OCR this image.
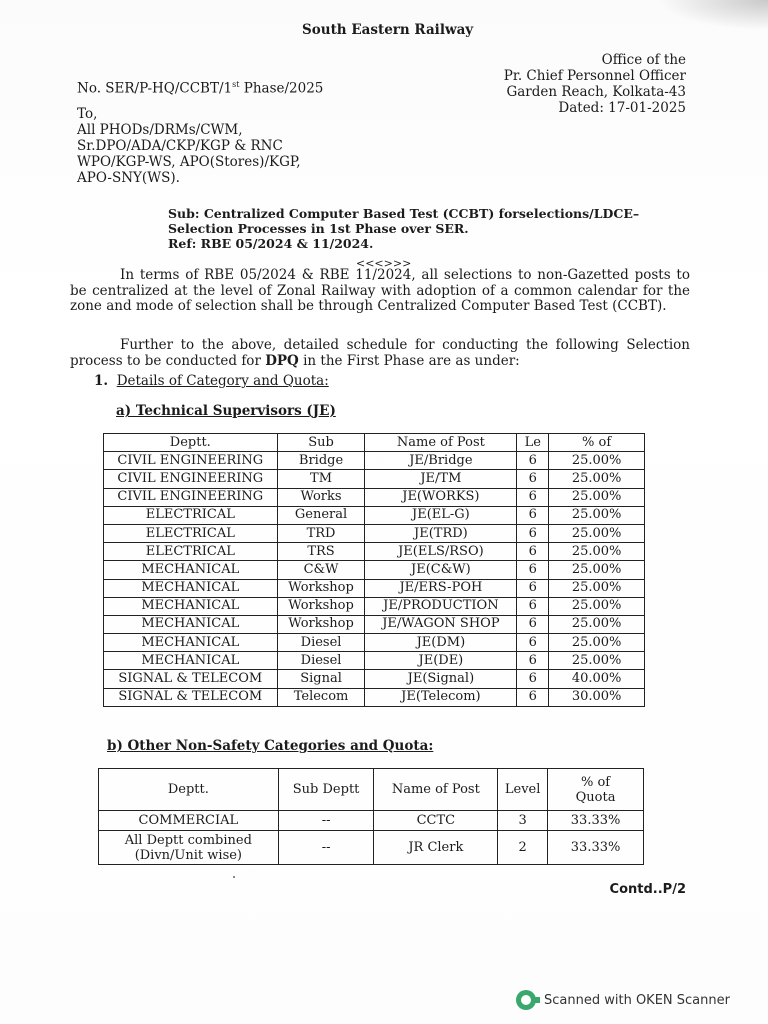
South Eastern Railway
Office of the
Pr. Chief Personnel Officer
Garden Reach, Kolkata-43
Dated: 17-01-2025
No. SER/P-HQ/CCBT/1st Phase/2025
To,
All PHODs/DRMs/CWM,
Sr.DPO/ADA/CKP/KGP & RNC
WPO/KGP-WS, APO(Stores)/KGP,
APO-SNY(WS).
Sub: Centralized Computer Based Test (CCBT) forselections/LDCE–
Selection Processes in 1st Phase over SER.
Ref: RBE 05/2024 & 11/2024.
<<<>>>
In terms of RBE 05/2024 & RBE 11/2024, all selections to non-Gazetted posts to be centralized at the level of Zonal Railway with adoption of a common calendar for the zone and mode of selection shall be through Centralized Computer Based Test (CCBT).
Further to the above, detailed schedule for conducting the following Selection process to be conducted for DPQ in the First Phase are as under:
1. Details of Category and Quota:
a) Technical Supervisors (JE)
Deptt.	Sub	Name of Post	Le	% of
CIVIL ENGINEERING	Bridge	JE/Bridge	6	25.00%
CIVIL ENGINEERING	TM	JE/TM	6	25.00%
CIVIL ENGINEERING	Works	JE(WORKS)	6	25.00%
ELECTRICAL	General	JE(EL-G)	6	25.00%
ELECTRICAL	TRD	JE(TRD)	6	25.00%
ELECTRICAL	TRS	JE(ELS/RSO)	6	25.00%
MECHANICAL	C&W	JE(C&W)	6	25.00%
MECHANICAL	Workshop	JE/ERS-POH	6	25.00%
MECHANICAL	Workshop	JE/PRODUCTION	6	25.00%
MECHANICAL	Workshop	JE/WAGON SHOP	6	25.00%
MECHANICAL	Diesel	JE(DM)	6	25.00%
MECHANICAL	Diesel	JE(DE)	6	25.00%
SIGNAL & TELECOM	Signal	JE(Signal)	6	40.00%
SIGNAL & TELECOM	Telecom	JE(Telecom)	6	30.00%
b) Other Non-Safety Categories and Quota:
Deptt.	Sub Deptt	Name of Post	Level	% of
Quota
COMMERCIAL	--	CCTC	3	33.33%
All Deptt combined
(Divn/Unit wise)	--	JR Clerk	2	33.33%
Contd..P/2
Scanned with OKEN Scanner
